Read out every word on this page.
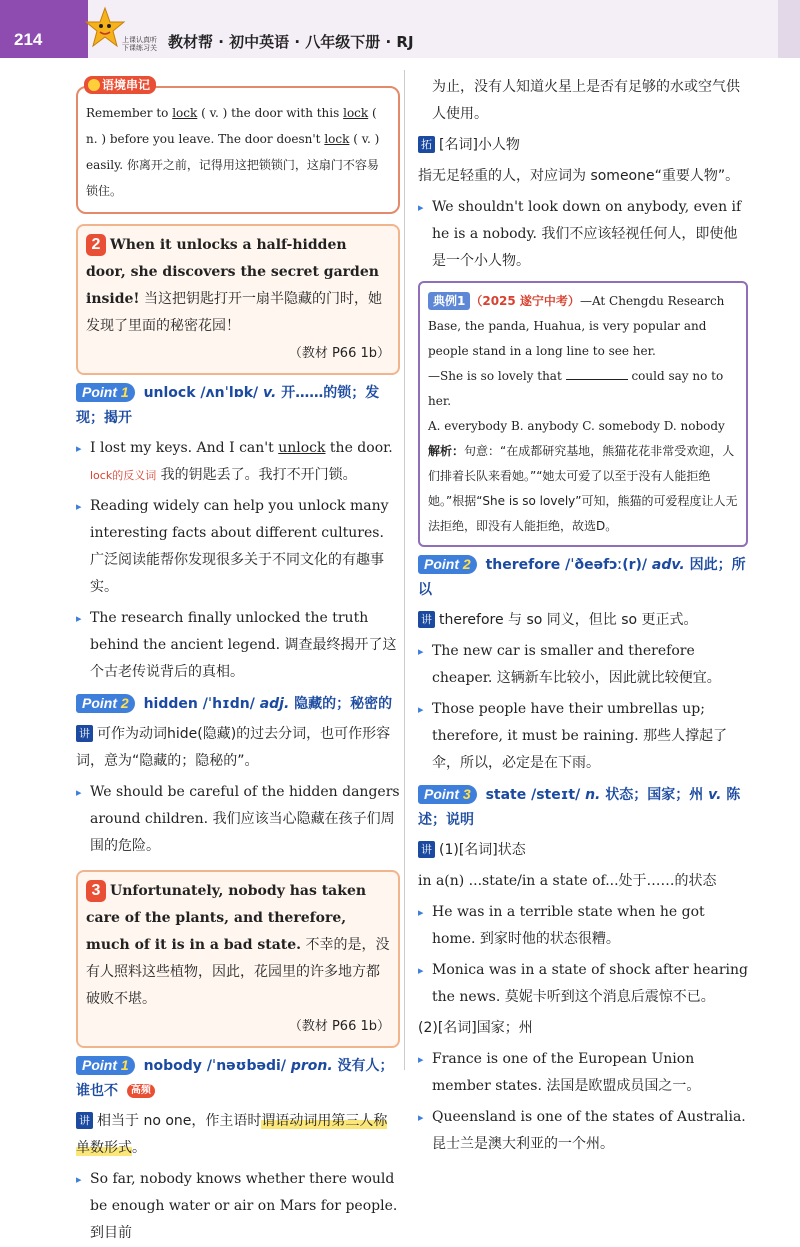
214	上课认真听 下课练习关 教材帮 · 初中英语 · 八年级下册 · RJ
语境串记

Remember to lock ( v. ) the door with this lock ( n. ) before you leave. The door doesn't lock ( v. ) easily. 你离开之前，记得用这把锁锁门，这扇门不容易锁住。

2 When it unlocks a half-hidden door, she discovers the secret garden inside! 当这把钥匙打开一扇半隐藏的门时，她发现了里面的秘密花园！

（教材 P66 1b）

Point 1 unlock /ʌnˈlɒk/ v. 开……的锁；发现；揭开
▸ I lost my keys. And I can't unlock the door. lock的反义词 我的钥匙丢了。我打不开门锁。
▸ Reading widely can help you unlock many interesting facts about different cultures. 广泛阅读能帮你发现很多关于不同文化的有趣事实。
▸ The research finally unlocked the truth behind the ancient legend. 调查最终揭开了这个古老传说背后的真相。
Point 2 hidden /ˈhɪdn/ adj. 隐藏的；秘密的

讲 可作为动词hide(隐藏)的过去分词，也可作形容词，意为“隐藏的；隐秘的”。

▸ We should be careful of the hidden dangers around children. 我们应该当心隐藏在孩子们周围的危险。

3 Unfortunately, nobody has taken care of the plants, and therefore, much of it is in a bad state. 不幸的是，没有人照料这些植物，因此，花园里的许多地方都破败不堪。

（教材 P66 1b）

Point 1 nobody /ˈnəʊbədi/ pron. 没有人；谁也不 高频

讲 相当于 no one，作主语时谓语动词用第三人称单数形式。

▸ So far, nobody knows whether there would be enough water or air on Mars for people. 到目前

为止，没有人知道火星上是否有足够的水或空气供人使用。

拓 [名词]小人物

指无足轻重的人，对应词为 someone“重要人物”。

▸ We shouldn't look down on anybody, even if he is a nobody. 我们不应该轻视任何人，即使他是一个小人物。

典例1 （2025 遂宁中考）—At Chengdu Research Base, the panda, Huahua, is very popular and people stand in a long line to see her.

—She is so lovely that	could say no to her.

A. everybody B. anybody C. somebody D. nobody

解析：句意：“在成都研究基地，熊猫花花非常受欢迎，人们排着长队来看她。”“她太可爱了以至于没有人能拒绝她。”根据“She is so lovely”可知，熊猫的可爱程度让人无法拒绝，即没有人能拒绝，故选D。

Point 2 therefore /ˈðeəfɔː(r)/ adv. 因此；所以

讲 therefore 与 so 同义，但比 so 更正式。

▸ The new car is smaller and therefore cheaper. 这辆新车比较小，因此就比较便宜。
▸ Those people have their umbrellas up; therefore, it must be raining. 那些人撑起了伞，所以，必定是在下雨。
Point 3 state /steɪt/ n. 状态；国家；州 v. 陈述；说明

讲 (1)[名词]状态

in a(n) ...state/in a state of...处于……的状态

▸ He was in a terrible state when he got home. 到家时他的状态很糟。
▸ Monica was in a state of shock after hearing the news. 莫妮卡听到这个消息后震惊不已。

(2)[名词]国家；州

▸ France is one of the European Union member states. 法国是欧盟成员国之一。
▸ Queensland is one of the states of Australia. 昆士兰是澳大利亚的一个州。
